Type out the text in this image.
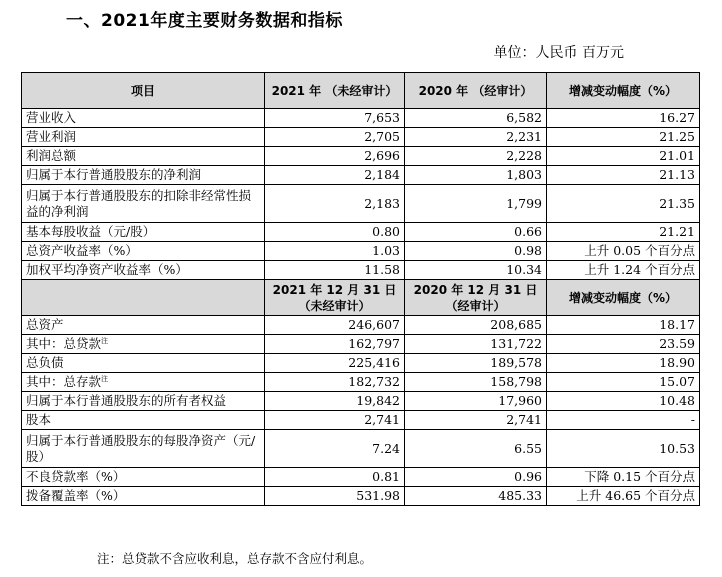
一、2021年度主要财务数据和指标
单位：人民币 百万元
项目	2021 年 （未经审计）	2020 年 （经审计）	增减变动幅度（%）
营业收入	7,653	6,582	16.27
营业利润	2,705	2,231	21.25
利润总额	2,696	2,228	21.01
归属于本行普通股股东的净利润	2,184	1,803	21.13
归属于本行普通股股东的扣除非经常性损益的净利润	2,183	1,799	21.35
基本每股收益（元/股）	0.80	0.66	21.21
总资产收益率（%）	1.03	0.98	上升 0.05 个百分点
加权平均净资产收益率（%）	11.58	10.34	上升 1.24 个百分点
	2021 年 12 月 31 日 （未经审计）	2020 年 12 月 31 日 （经审计）	增减变动幅度（%）
总资产	246,607	208,685	18.17
其中：总贷款$^注$	162,797	131,722	23.59
总负债	225,416	189,578	18.90
其中：总存款$^注$	182,732	158,798	15.07
归属于本行普通股股东的所有者权益	19,842	17,960	10.48
股本	2,741	2,741	-
归属于本行普通股股东的每股净资产（元/股）	7.24	6.55	10.53
不良贷款率（%）	0.81	0.96	下降 0.15 个百分点
拨备覆盖率（%）	531.98	485.33	上升 46.65 个百分点
注：总贷款不含应收利息，总存款不含应付利息。
